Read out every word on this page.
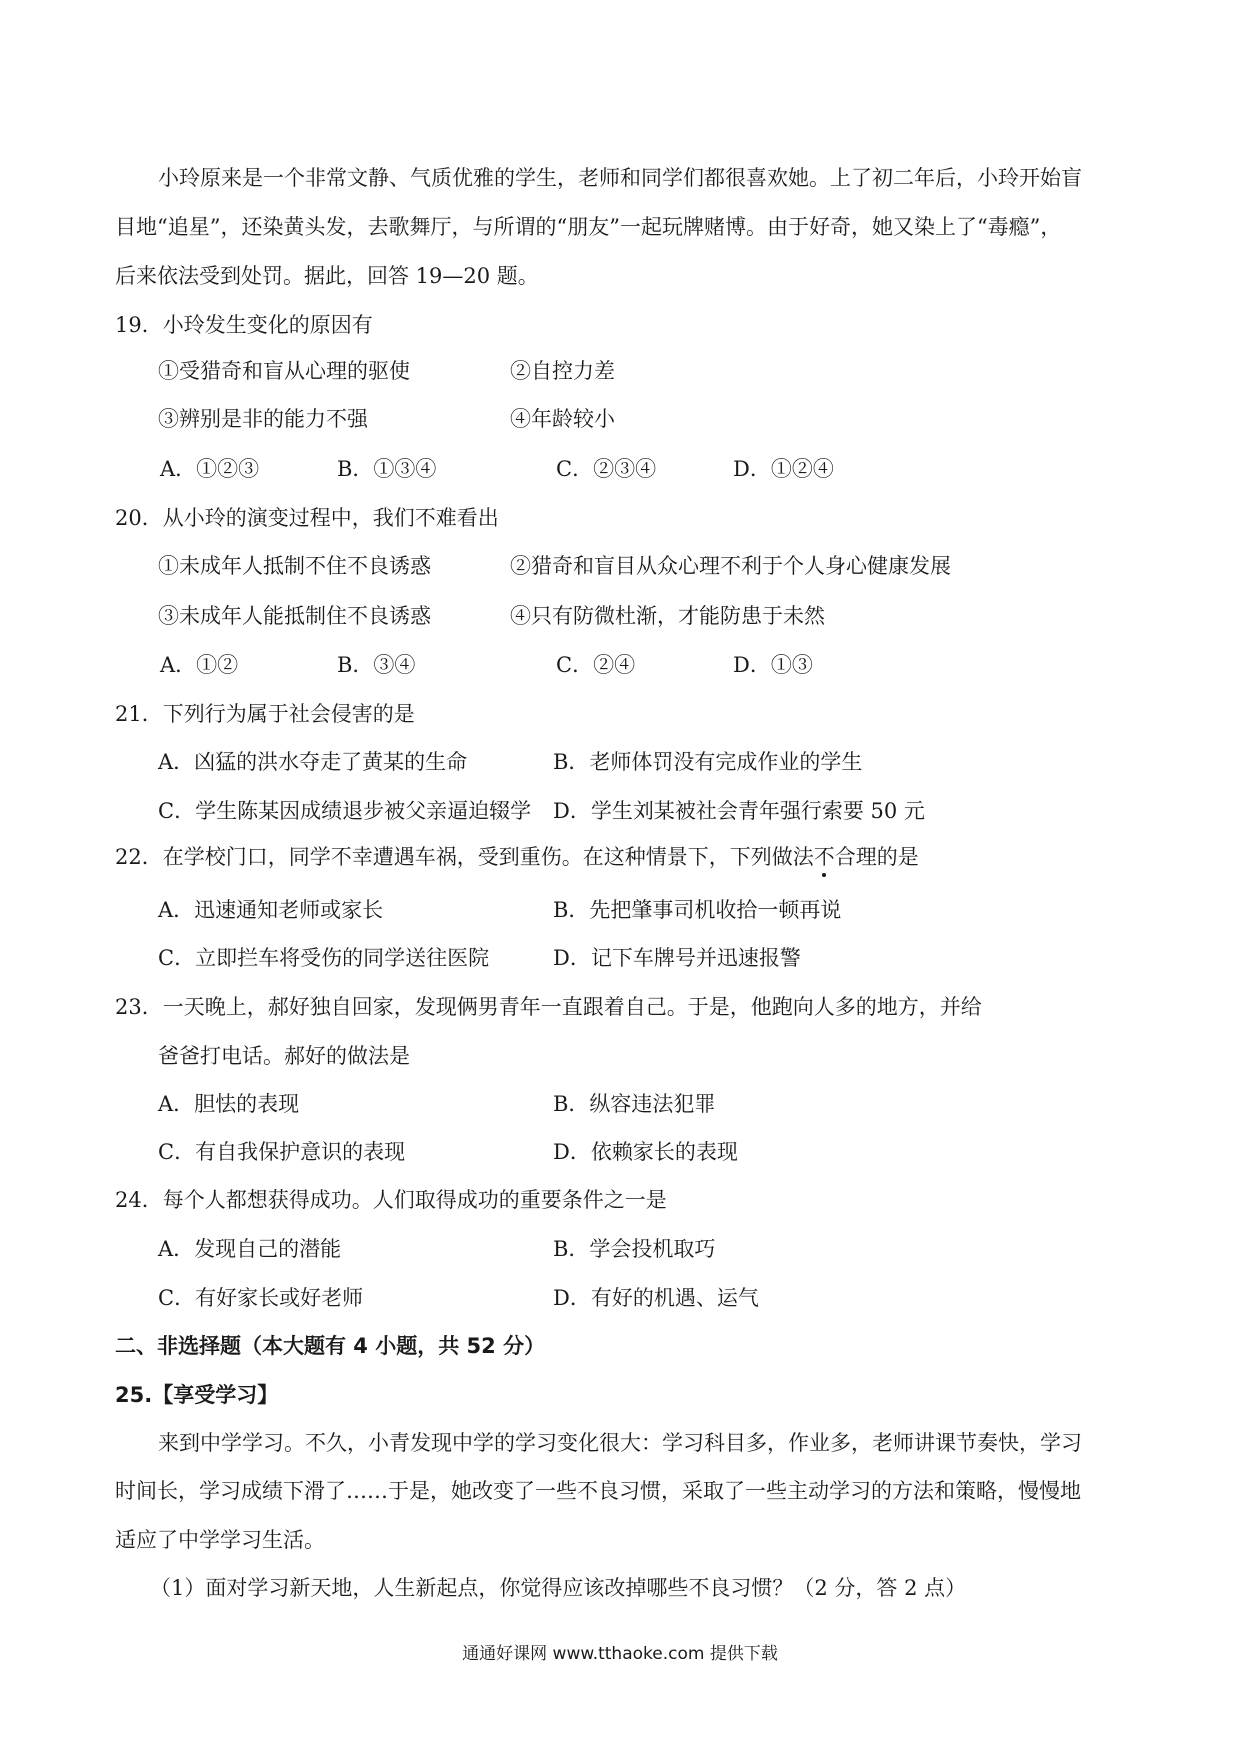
小玲原来是一个非常文静、气质优雅的学生，老师和同学们都很喜欢她。上了初二年后，小玲开始盲
目地“追星”，还染黄头发，去歌舞厅，与所谓的“朋友”一起玩牌赌博。由于好奇，她又染上了“毒瘾”，
后来依法受到处罚。据此，回答 19—20 题。
19．小玲发生变化的原因有
①受猎奇和盲从心理的驱使	②自控力差
③辨别是非的能力不强	④年龄较小
A．①②③	B．①③④	C．②③④	D．①②④
20．从小玲的演变过程中，我们不难看出
①未成年人抵制不住不良诱惑	②猎奇和盲目从众心理不利于个人身心健康发展
③未成年人能抵制住不良诱惑	④只有防微杜渐，才能防患于未然
A．①②	B．③④	C．②④	D．①③
21．下列行为属于社会侵害的是
A．凶猛的洪水夺走了黄某的生命	B．老师体罚没有完成作业的学生
C．学生陈某因成绩退步被父亲逼迫辍学 D．学生刘某被社会青年强行索要 50 元
22．在学校门口，同学不幸遭遇车祸，受到重伤。在这种情景下，下列做法不合理的是
A．迅速通知老师或家长	B．先把肇事司机收拾一顿再说
C．立即拦车将受伤的同学送往医院	D．记下车牌号并迅速报警
23．一天晚上，郝好独自回家，发现俩男青年一直跟着自己。于是，他跑向人多的地方，并给
爸爸打电话。郝好的做法是
A．胆怯的表现	B．纵容违法犯罪
C．有自我保护意识的表现	D．依赖家长的表现
24．每个人都想获得成功。人们取得成功的重要条件之一是
A．发现自己的潜能	B．学会投机取巧
C．有好家长或好老师	D．有好的机遇、运气
二、非选择题（本大题有 4 小题，共 52 分）
25.【享受学习】
来到中学学习。不久，小青发现中学的学习变化很大：学习科目多，作业多，老师讲课节奏快，学习
时间长，学习成绩下滑了……于是，她改变了一些不良习惯，采取了一些主动学习的方法和策略，慢慢地
适应了中学学习生活。
（1）面对学习新天地，人生新起点，你觉得应该改掉哪些不良习惯？（2 分，答 2 点）
通通好课网 www.tthaoke.com 提供下载
